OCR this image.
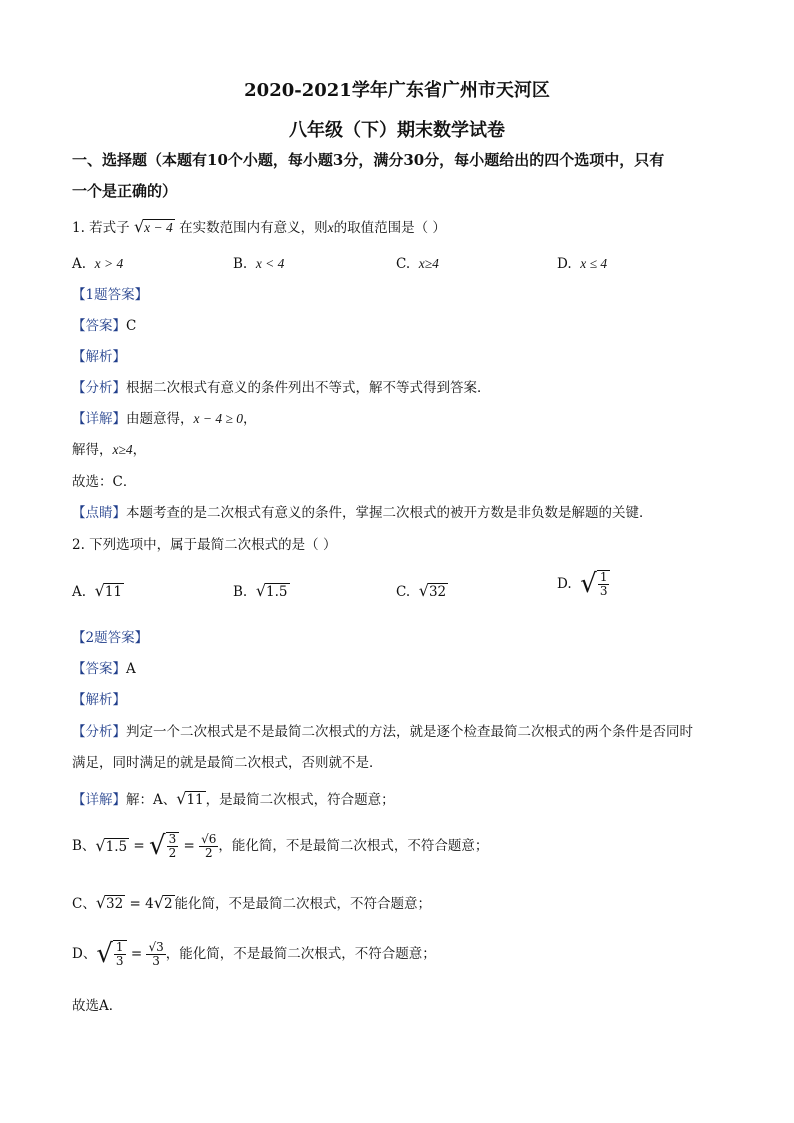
2020-2021学年广东省广州市天河区
八年级（下）期末数学试卷
一、选择题（本题有10个小题，每小题3分，满分30分，每小题给出的四个选项中，只有
一个是正确的）
1. 若式子 √x − 4 在实数范围内有意义，则x的取值范围是（ ）
A. x > 4	B. x < 4	C. x≥4	D. x ≤ 4
【1题答案】
【答案】C
【解析】
【分析】根据二次根式有意义的条件列出不等式，解不等式得到答案．
【详解】由题意得，x − 4 ≥ 0，
解得，x≥4，
故选：C．
【点睛】本题考查的是二次根式有意义的条件，掌握二次根式的被开方数是非负数是解题的关键．
2. 下列选项中，属于最简二次根式的是（ ）
A. √11	B. √1.5	C. √32	D. √ $\frac{1}{3}$
【2题答案】
【答案】A
【解析】
【分析】判定一个二次根式是不是最简二次根式的方法，就是逐个检查最简二次根式的两个条件是否同时
满足，同时满足的就是最简二次根式，否则就不是．
【详解】解：A、√11 ，是最简二次根式，符合题意；
B、√1.5 = √ $\frac{3}{2} = \frac{√6}{2}$ ，能化简，不是最简二次根式，不符合题意；
C、√32 = 4√2 能化简，不是最简二次根式，不符合题意；
D、√ $\frac{1}{3} = \frac{√3}{3}$ ，能化简，不是最简二次根式，不符合题意；
故选A．
